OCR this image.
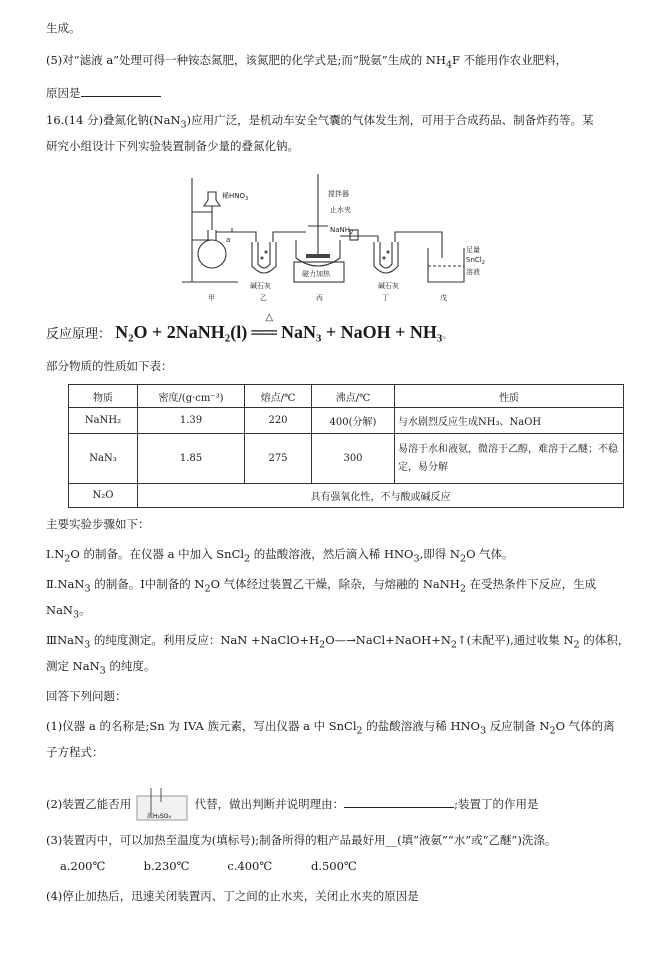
生成。
(5)对“滤液 a”处理可得一种铵态氮肥，该氮肥的化学式是;而“脱氨”生成的 $NH_4F$ 不能用作农业肥料，
原因是
16.(14 分)叠氮化钠(NaN$_3$)应用广泛，是机动车安全气囊的气体发生剂，可用于合成药品、制备炸药等。某
研究小组设计下列实验装置制备少量的叠氮化钠。
稀$HNO_3$
a
搅拌器
止水夹
NaNH$_2$
碱石灰
磁力加热
碱石灰
足量
SnCl$_2$
溶液
甲	乙	丙	丁	戊
反应原理： N₂O + 2NaNH₂(l)
△
══ NaN₃ + NaOH + NH₃。
部分物质的性质如下表：
物质	密度/(g·cm⁻³)	熔点/℃	沸点/℃	性质
NaNH₂	1.39	220	400(分解)	与水剧烈反应生成NH₃、NaOH
NaN₃	1.85	275	300	易溶于水和液氨，微溶于乙醇，难溶于乙醚；不稳定，易分解
N₂O	具有强氧化性，不与酸或碱反应			
主要实验步骤如下：
$Ⅰ.N_2O$ 的制备。在仪器 a 中加入 SnCl$_2$ 的盐酸溶液，然后滴入稀 $HNO_3$,即得 $N_2O$ 气体。
Ⅱ.NaN$_3$ 的制备。Ⅰ中制备的 $N_2O$ 气体经过装置乙干燥，除杂，与熔融的 NaNH$_2$ 在受热条件下反应，生成
NaN$_3$。
ⅢNaN$_3$ 的纯度测定。利用反应：NaN $+NaClO+H_2O—\to NaCl+NaOH+N_2↑$(未配平),通过收集 $N_2$ 的体积，
测定 NaN$_3$ 的纯度。
回答下列问题：
(1)仪器 a 的名称是;Sn 为 IVA 族元素，写出仪器 a 中 SnCl$_2$ 的盐酸溶液与稀 $HNO_3$ 反应制备 $N_2O$ 气体的离
子方程式：
(2)装置乙能否用
浓H₂SO₄
代替，做出判断并说明理由：	;装置丁的作用是
(3)装置丙中，可以加热至温度为(填标号);制备所得的粗产品最好用__(填“液氨”“水”或“乙醚”)洗涤。
a.200℃	b.230℃	c.400℃	d.500℃
(4)停止加热后，迅速关闭装置丙、丁之间的止水夹，关闭止水夹的原因是
